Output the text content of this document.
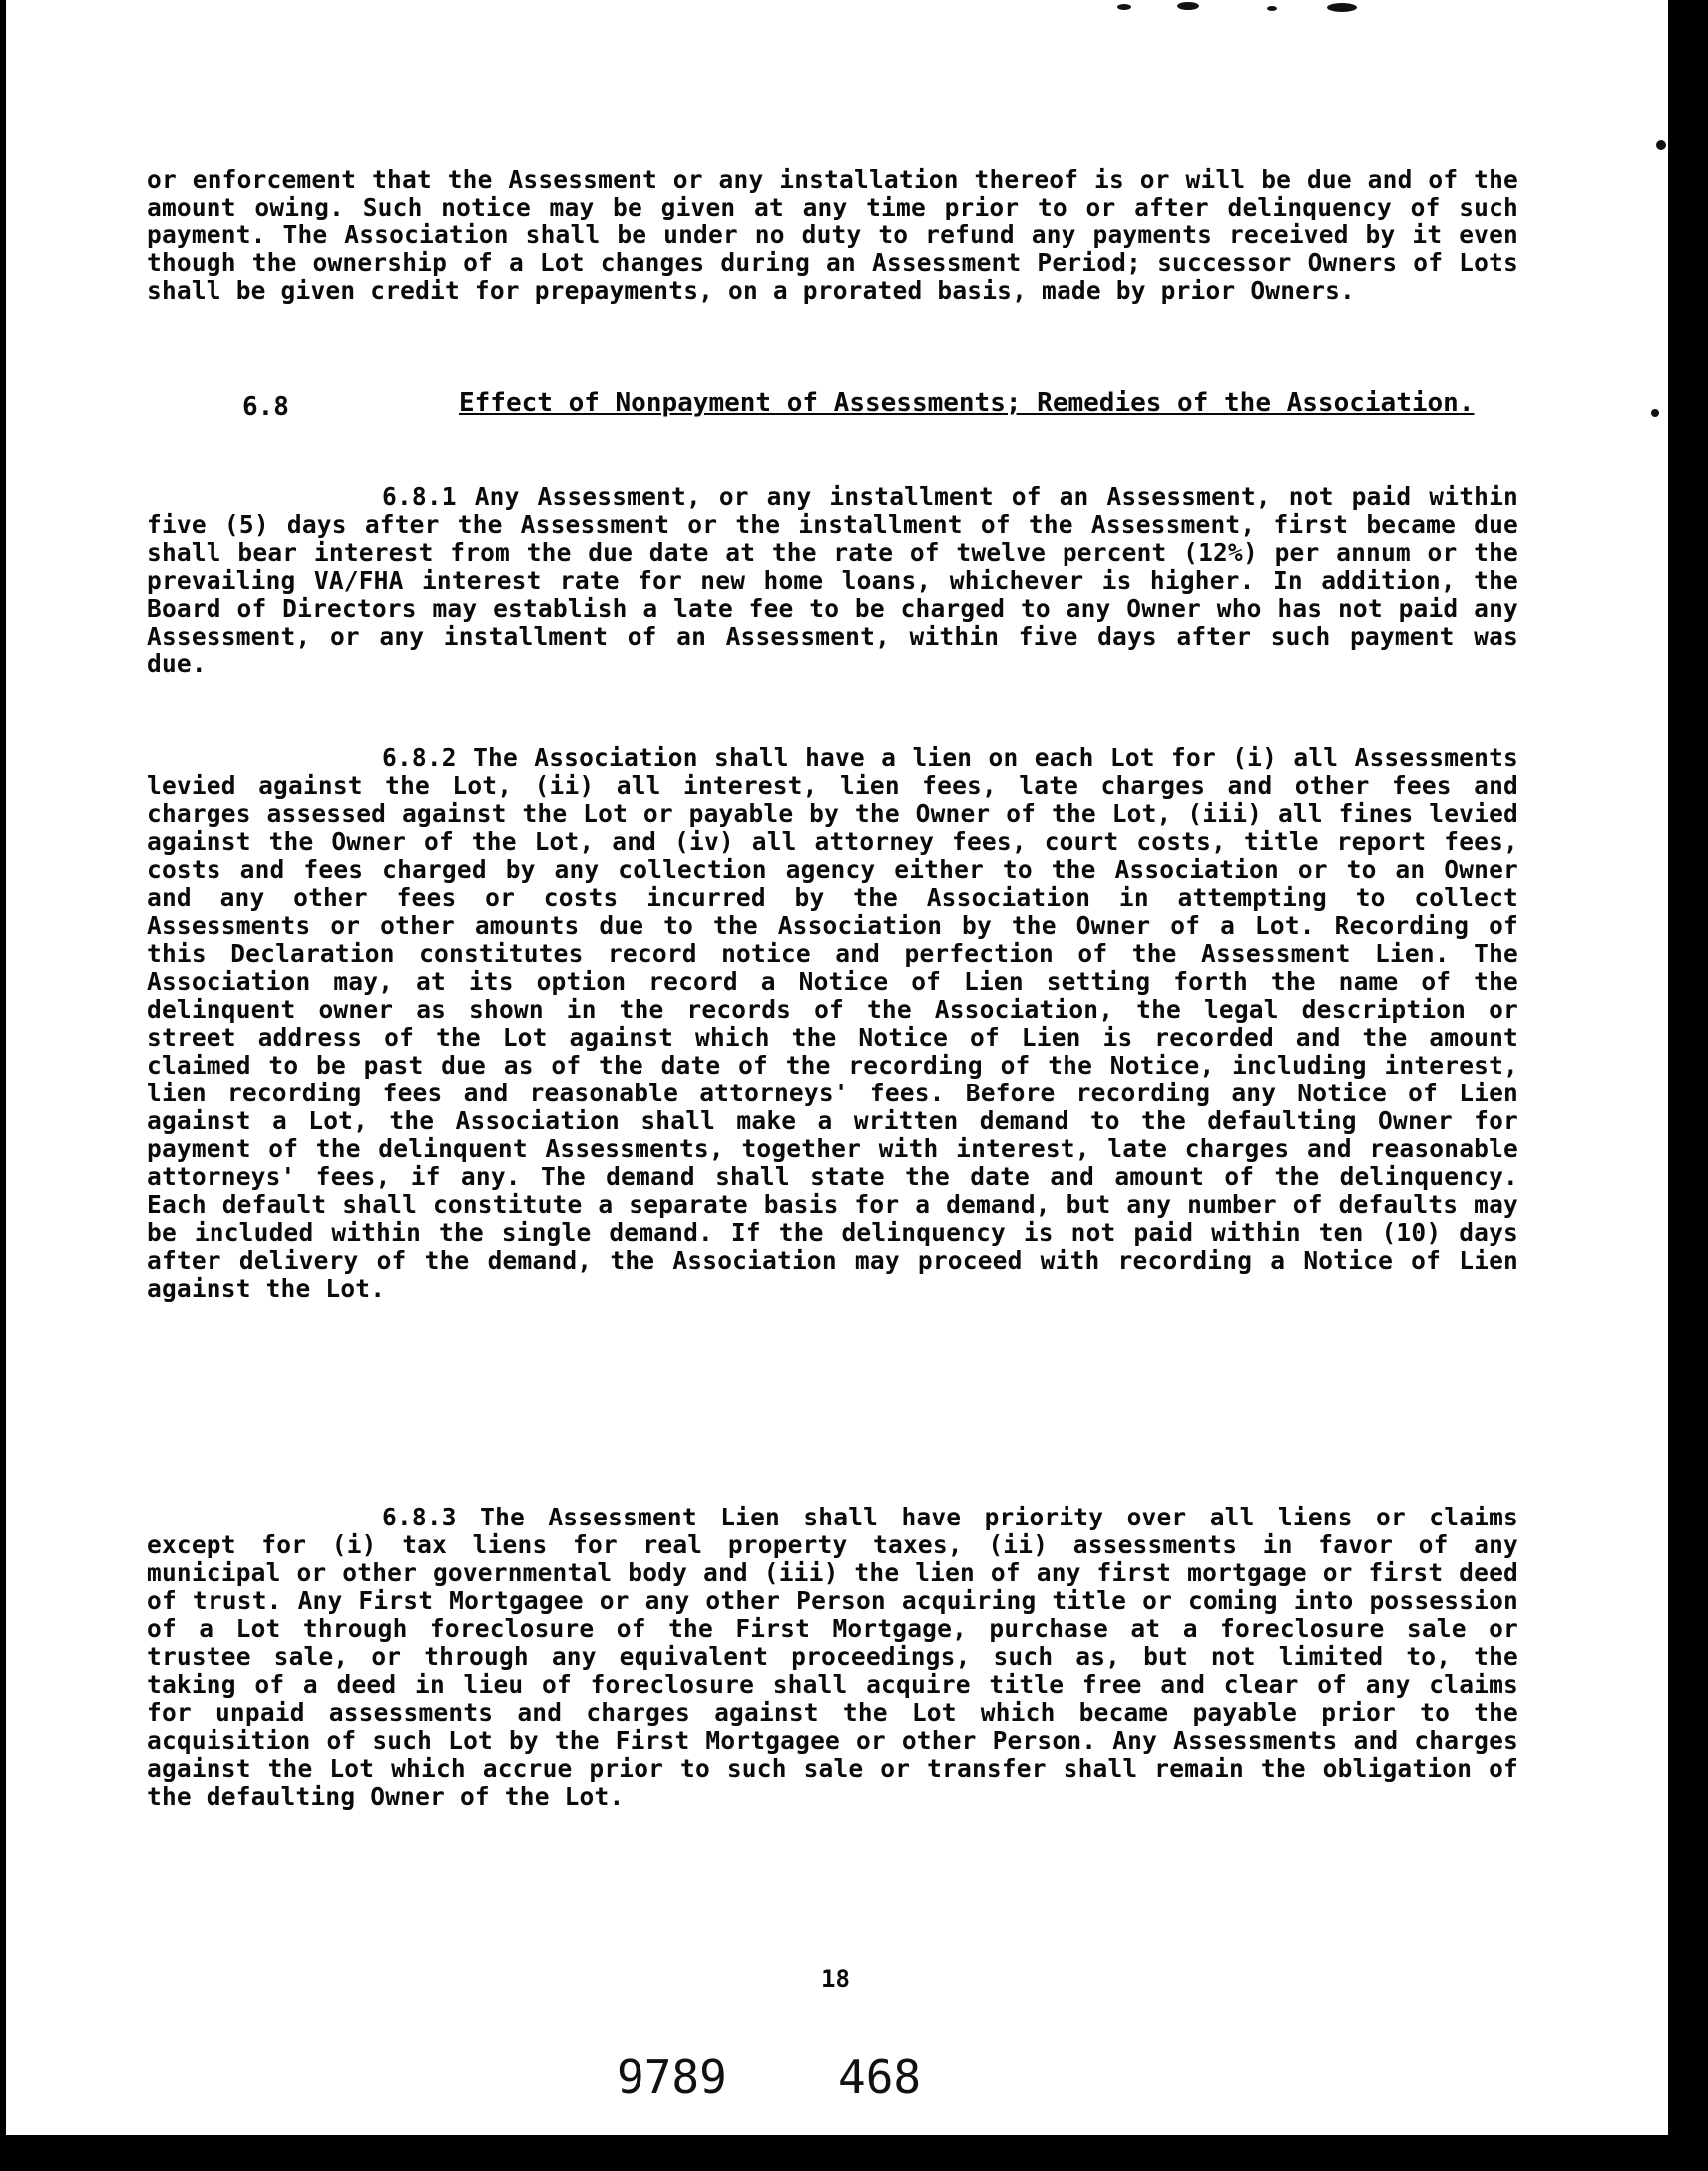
or enforcement that the Assessment or any installation thereof is or will be due and of the amount owing. Such notice may be given at any time prior to or after delinquency of such payment. The Association shall be under no duty to refund any payments received by it even though the ownership of a Lot changes during an Assessment Period; successor Owners of Lots shall be given credit for prepayments, on a prorated basis, made by prior Owners.

6.8	Effect of Nonpayment of Assessments; Remedies of the Association.

6.8.1 Any Assessment, or any installment of an Assessment, not paid within five (5) days after the Assessment or the installment of the Assessment, first became due shall bear interest from the due date at the rate of twelve percent (12%) per annum or the prevailing VA/FHA interest rate for new home loans, whichever is higher. In addition, the Board of Directors may establish a late fee to be charged to any Owner who has not paid any Assessment, or any installment of an Assessment, within five days after such payment was due.

6.8.2 The Association shall have a lien on each Lot for (i) all Assessments levied against the Lot, (ii) all interest, lien fees, late charges and other fees and charges assessed against the Lot or payable by the Owner of the Lot, (iii) all fines levied against the Owner of the Lot, and (iv) all attorney fees, court costs, title report fees, costs and fees charged by any collection agency either to the Association or to an Owner and any other fees or costs incurred by the Association in attempting to collect Assessments or other amounts due to the Association by the Owner of a Lot. Recording of this Declaration constitutes record notice and perfection of the Assessment Lien. The Association may, at its option record a Notice of Lien setting forth the name of the delinquent owner as shown in the records of the Association, the legal description or street address of the Lot against which the Notice of Lien is recorded and the amount claimed to be past due as of the date of the recording of the Notice, including interest, lien recording fees and reasonable attorneys' fees. Before recording any Notice of Lien against a Lot, the Association shall make a written demand to the defaulting Owner for payment of the delinquent Assessments, together with interest, late charges and reasonable attorneys' fees, if any. The demand shall state the date and amount of the delinquency. Each default shall constitute a separate basis for a demand, but any number of defaults may be included within the single demand. If the delinquency is not paid within ten (10) days after delivery of the demand, the Association may proceed with recording a Notice of Lien against the Lot.

6.8.3 The Assessment Lien shall have priority over all liens or claims except for (i) tax liens for real property taxes, (ii) assessments in favor of any municipal or other governmental body and (iii) the lien of any first mortgage or first deed of trust. Any First Mortgagee or any other Person acquiring title or coming into possession of a Lot through foreclosure of the First Mortgage, purchase at a foreclosure sale or trustee sale, or through any equivalent proceedings, such as, but not limited to, the taking of a deed in lieu of foreclosure shall acquire title free and clear of any claims for unpaid assessments and charges against the Lot which became payable prior to the acquisition of such Lot by the First Mortgagee or other Person. Any Assessments and charges against the Lot which accrue prior to such sale or transfer shall remain the obligation of the defaulting Owner of the Lot.

18
9789 468
